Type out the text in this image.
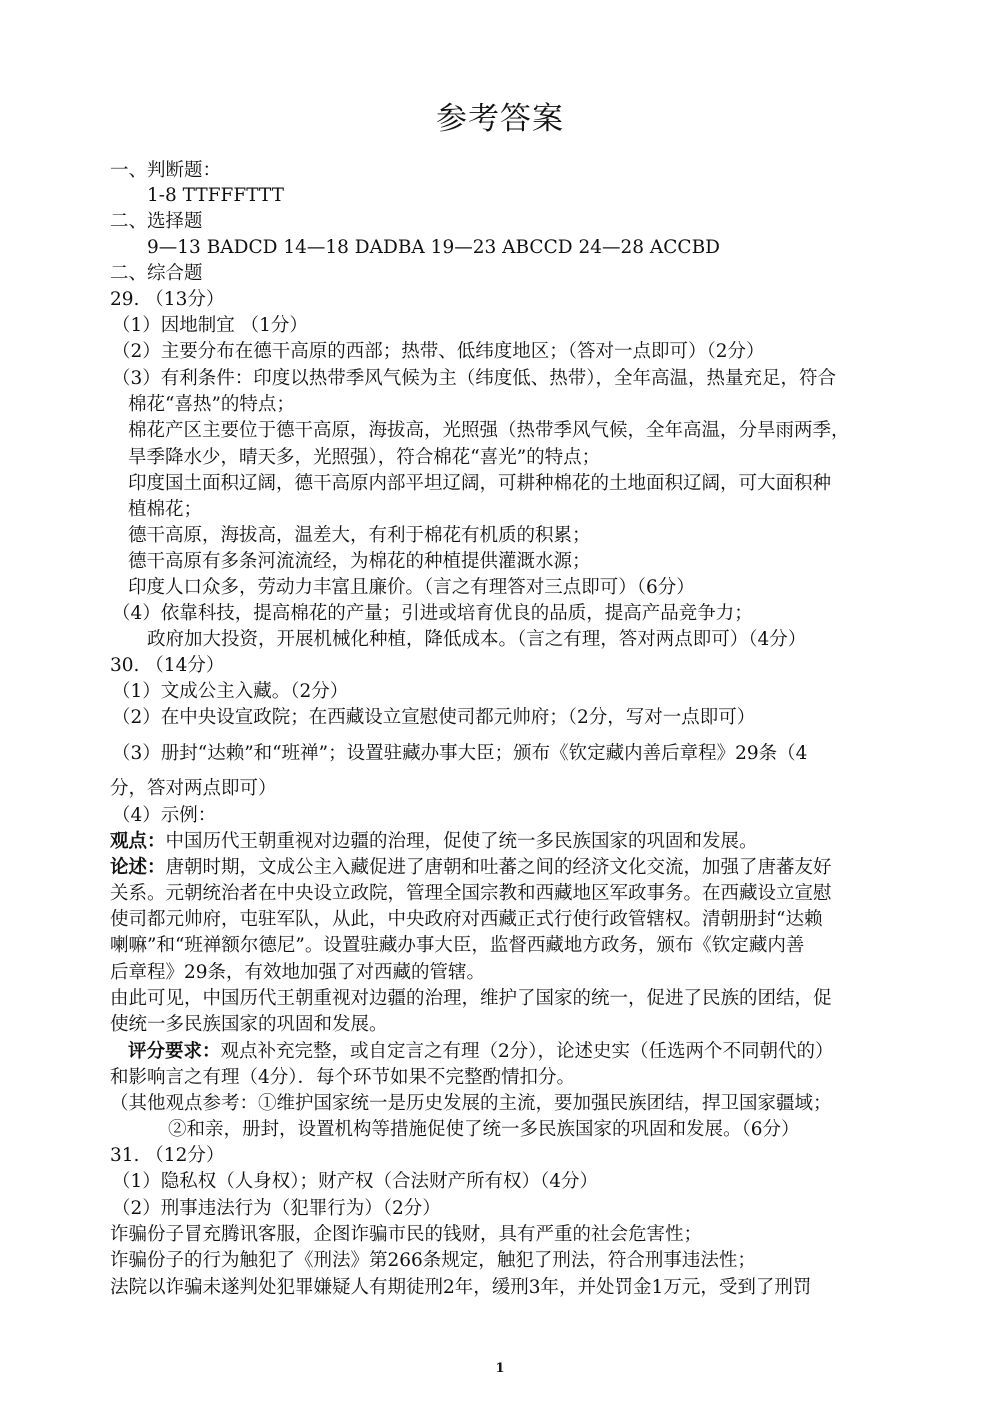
参考答案
一、判断题：
1-8 TTFFFTTT
二、选择题
9—13 BADCD 14—18 DADBA 19—23 ABCCD 24—28 ACCBD
二、综合题
29. （13分）
（1）因地制宜 （1分）
（2）主要分布在德干高原的西部；热带、低纬度地区；（答对一点即可）（2分）
（3）有利条件：印度以热带季风气候为主（纬度低、热带），全年高温，热量充足，符合
棉花“喜热”的特点；
棉花产区主要位于德干高原，海拔高，光照强（热带季风气候，全年高温，分旱雨两季，
旱季降水少，晴天多，光照强），符合棉花“喜光”的特点；
印度国土面积辽阔，德干高原内部平坦辽阔，可耕种棉花的土地面积辽阔，可大面积种
植棉花；
德干高原，海拔高，温差大，有利于棉花有机质的积累；
德干高原有多条河流流经，为棉花的种植提供灌溉水源；
印度人口众多，劳动力丰富且廉价。（言之有理答对三点即可）（6分）
（4）依靠科技，提高棉花的产量；引进或培育优良的品质，提高产品竞争力；
政府加大投资，开展机械化种植，降低成本。（言之有理，答对两点即可）（4分）
30. （14分）
（1）文成公主入藏。（2分）
（2）在中央设宣政院；在西藏设立宣慰使司都元帅府；（2分，写对一点即可）
（3）册封“达赖”和“班禅”；设置驻藏办事大臣；颁布《钦定藏内善后章程》29条（4
分，答对两点即可）
（4）示例：
观点：中国历代王朝重视对边疆的治理，促使了统一多民族国家的巩固和发展。
论述：唐朝时期，文成公主入藏促进了唐朝和吐蕃之间的经济文化交流，加强了唐蕃友好
关系。元朝统治者在中央设立政院，管理全国宗教和西藏地区军政事务。在西藏设立宣慰
使司都元帅府，屯驻军队，从此，中央政府对西藏正式行使行政管辖权。清朝册封“达赖
喇嘛”和“班禅额尔德尼”。设置驻藏办事大臣，监督西藏地方政务，颁布《钦定藏内善
后章程》29条，有效地加强了对西藏的管辖。
由此可见，中国历代王朝重视对边疆的治理，维护了国家的统一，促进了民族的团结，促
使统一多民族国家的巩固和发展。
评分要求：观点补充完整，或自定言之有理（2分），论述史实（任选两个不同朝代的）
和影响言之有理（4分）．每个环节如果不完整酌情扣分。
（其他观点参考：①维护国家统一是历史发展的主流，要加强民族团结，捍卫国家疆域；
②和亲，册封，设置机构等措施促使了统一多民族国家的巩固和发展。（6分）
31. （12分）
（1）隐私权（人身权）；财产权（合法财产所有权）（4分）
（2）刑事违法行为（犯罪行为）（2分）
诈骗份子冒充腾讯客服，企图诈骗市民的钱财，具有严重的社会危害性；
诈骗份子的行为触犯了《刑法》第266条规定，触犯了刑法，符合刑事违法性；
法院以诈骗未遂判处犯罪嫌疑人有期徒刑2年，缓刑3年，并处罚金1万元，受到了刑罚
1
